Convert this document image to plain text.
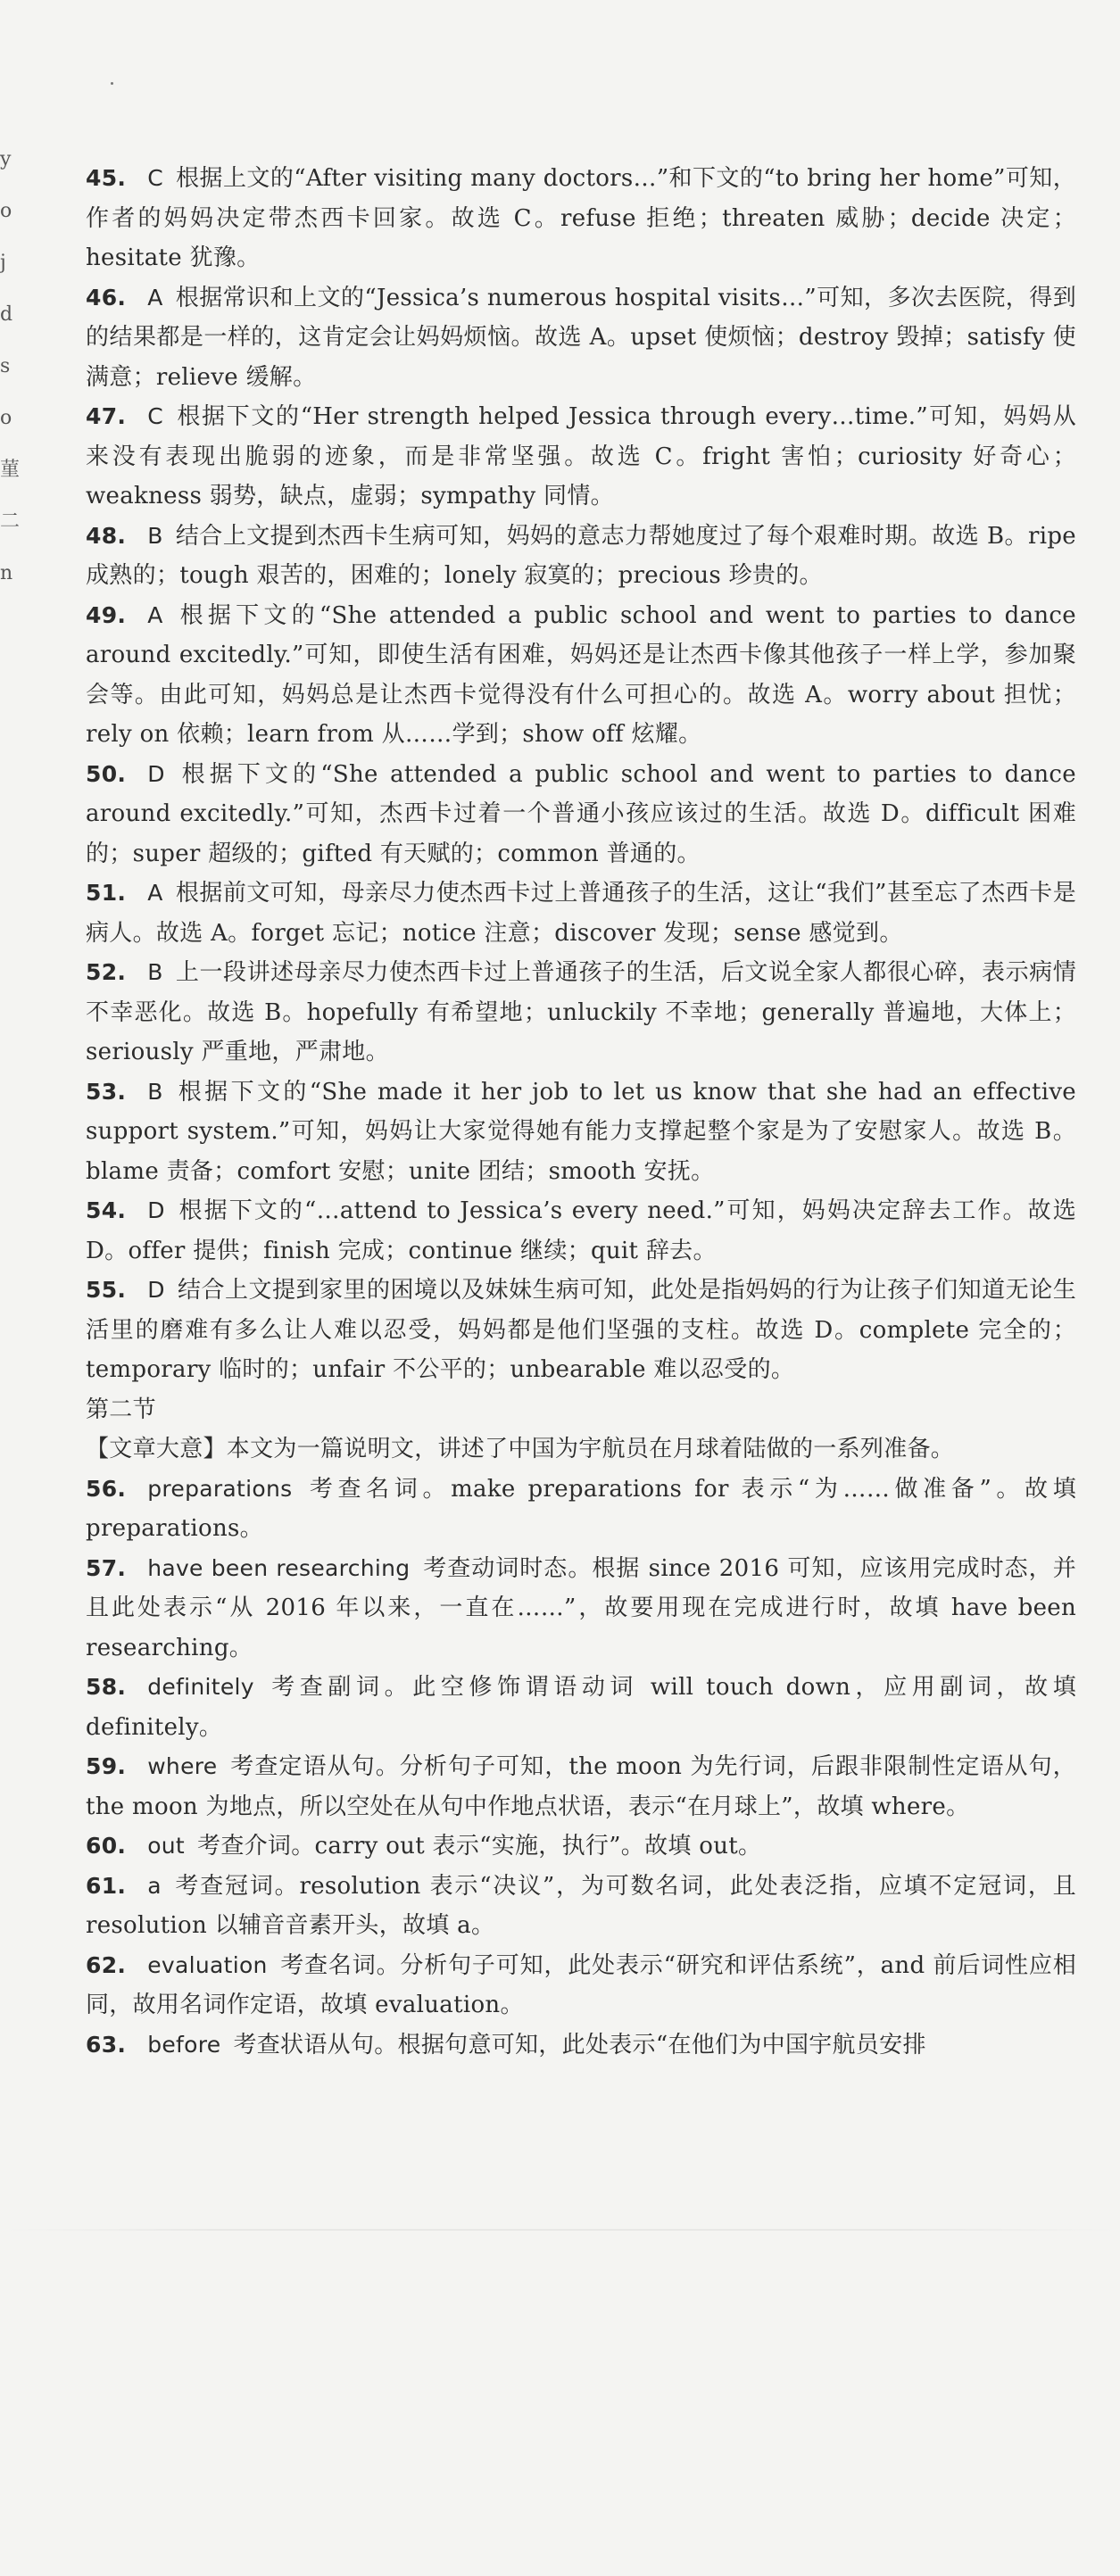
y
o
j
d
s
o
菫
二
n

45. C 根据上文的“After visiting many doctors…”和下文的“to bring her home”可知，作者的妈妈决定带杰西卡回家。故选 C。refuse 拒绝；threaten 威胁；decide 决定；hesitate 犹豫。

46. A 根据常识和上文的“Jessica’s numerous hospital visits…”可知，多次去医院，得到的结果都是一样的，这肯定会让妈妈烦恼。故选 A。upset 使烦恼；destroy 毁掉；satisfy 使满意；relieve 缓解。

47. C 根据下文的“Her strength helped Jessica through every…time.”可知，妈妈从来没有表现出脆弱的迹象，而是非常坚强。故选 C。fright 害怕；curiosity 好奇心；weakness 弱势，缺点，虚弱；sympathy 同情。

48. B 结合上文提到杰西卡生病可知，妈妈的意志力帮她度过了每个艰难时期。故选 B。ripe 成熟的；tough 艰苦的，困难的；lonely 寂寞的；precious 珍贵的。

49. A 根据下文的“She attended a public school and went to parties to dance around excitedly.”可知，即使生活有困难，妈妈还是让杰西卡像其他孩子一样上学，参加聚会等。由此可知，妈妈总是让杰西卡觉得没有什么可担心的。故选 A。worry about 担忧；rely on 依赖；learn from 从……学到；show off 炫耀。

50. D 根据下文的“She attended a public school and went to parties to dance around excitedly.”可知，杰西卡过着一个普通小孩应该过的生活。故选 D。difficult 困难的；super 超级的；gifted 有天赋的；common 普通的。

51. A 根据前文可知，母亲尽力使杰西卡过上普通孩子的生活，这让“我们”甚至忘了杰西卡是病人。故选 A。forget 忘记；notice 注意；discover 发现；sense 感觉到。

52. B 上一段讲述母亲尽力使杰西卡过上普通孩子的生活，后文说全家人都很心碎，表示病情不幸恶化。故选 B。hopefully 有希望地；unluckily 不幸地；generally 普遍地，大体上；seriously 严重地，严肃地。

53. B 根据下文的“She made it her job to let us know that she had an effective support system.”可知，妈妈让大家觉得她有能力支撑起整个家是为了安慰家人。故选 B。blame 责备；comfort 安慰；unite 团结；smooth 安抚。

54. D 根据下文的“…attend to Jessica’s every need.”可知，妈妈决定辞去工作。故选 D。offer 提供；finish 完成；continue 继续；quit 辞去。

55. D 结合上文提到家里的困境以及妹妹生病可知，此处是指妈妈的行为让孩子们知道无论生活里的磨难有多么让人难以忍受，妈妈都是他们坚强的支柱。故选 D。complete 完全的；temporary 临时的；unfair 不公平的；unbearable 难以忍受的。

第二节

【文章大意】本文为一篇说明文，讲述了中国为宇航员在月球着陆做的一系列准备。

56. preparations 考查名词。make preparations for 表示“为……做准备”。故填 preparations。

57. have been researching 考查动词时态。根据 since 2016 可知，应该用完成时态，并且此处表示“从 2016 年以来，一直在……”，故要用现在完成进行时，故填 have been researching。

58. definitely 考查副词。此空修饰谓语动词 will touch down，应用副词，故填 definitely。

59. where 考查定语从句。分析句子可知，the moon 为先行词，后跟非限制性定语从句，the moon 为地点，所以空处在从句中作地点状语，表示“在月球上”，故填 where。

60. out 考查介词。carry out 表示“实施，执行”。故填 out。

61. a 考查冠词。resolution 表示“决议”，为可数名词，此处表泛指，应填不定冠词，且 resolution 以辅音音素开头，故填 a。

62. evaluation 考查名词。分析句子可知，此处表示“研究和评估系统”，and 前后词性应相同，故用名词作定语，故填 evaluation。

63. before 考查状语从句。根据句意可知，此处表示“在他们为中国宇航员安排
